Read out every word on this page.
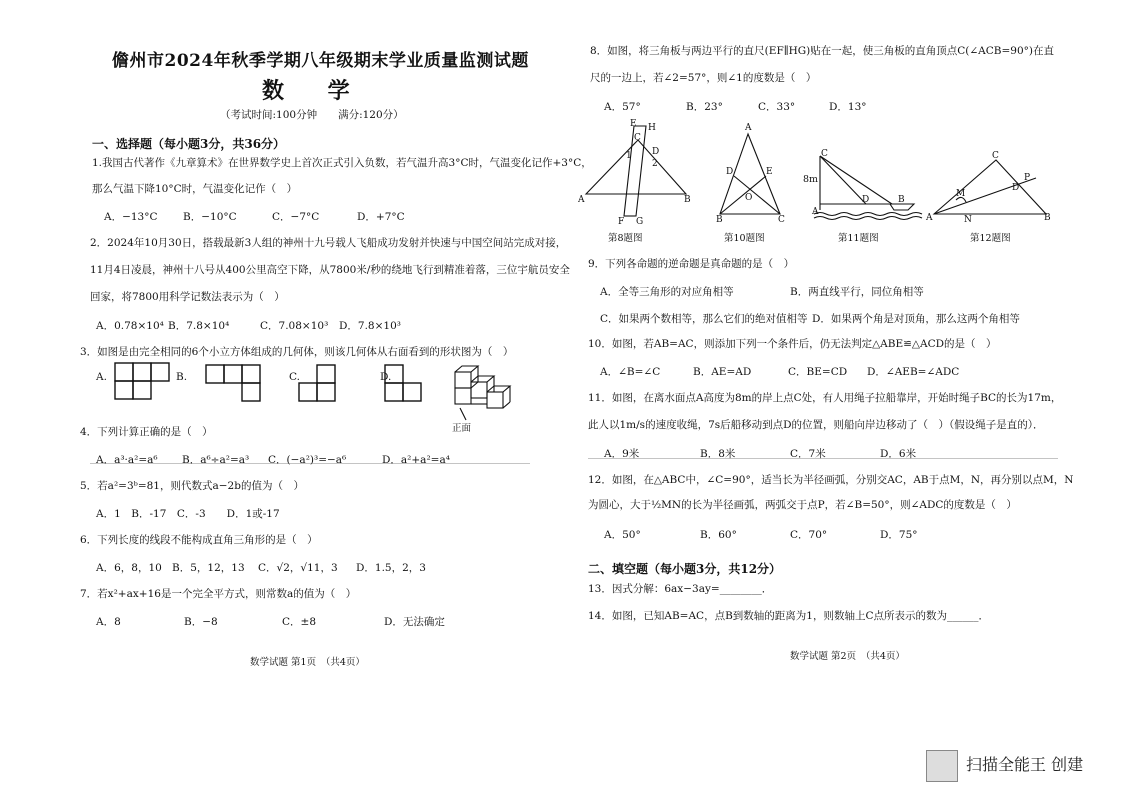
儋州市2024年秋季学期八年级期末学业质量监测试题
数 学
（考试时间:100分钟　　满分:120分）
一、选择题（每小题3分，共36分）
1.我国古代著作《九章算术》在世界数学史上首次正式引入负数，若气温升高3°C时，气温变化记作+3°C，
那么气温下降10°C时，气温变化记作（　）
A．−13°C B．−10°C	C．−7°C	D．+7°C
2．2024年10月30日，搭载最新3人组的神州十九号载人飞船成功发射并快速与中国空间站完成对接，
11月4日凌晨，神州十八号从400公里高空下降，从7800米/秒的绕地飞行到精准着落，三位宇航员安全
回家，将7800用科学记数法表示为（　）
A．0.78×10⁴ B．7.8×10⁴	C．7.08×10³ D．7.8×10³
3．如图是由完全相同的6个小立方体组成的几何体，则该几何体从右面看到的形状图为（　）
A.	B.	C.	D.
正面
4．下列计算正确的是（　）
A．a³·a²=a⁶ B．a⁶÷a²=a³ C．(−a²)³=−a⁶	D．a²+a²=a⁴
5．若a²=3ᵇ=81，则代数式a−2b的值为（　）
A．1　B．-17　C．-3　　D．1或-17
6．下列长度的线段不能构成直角三角形的是（　）
A．6，8，10 B．5，12，13 C．√2，√11，3 D．1.5，2，3
7．若x²+ax+16是一个完全平方式，则常数a的值为（　）
A．8	B．−8	C．±8	D．无法确定
数学试题 第1页　（共4页）
8．如图，将三角板与两边平行的直尺(EF∥HG)贴在一起，使三角板的直角顶点C(∠ACB=90°)在直
尺的一边上，若∠2=57°，则∠1的度数是（　）
A．57°	B．23°	C．33°	D．13°
A	B
C
E H
D
2
1
F G
A
B	C
D	E
O
C
A
D	B
A	B
C
M
N
D
P
8m
第8题图	第10题图	第11题图	第12题图
9．下列各命题的逆命题是真命题的是（　）
A．全等三角形的对应角相等	B．两直线平行，同位角相等
C．如果两个数相等，那么它们的绝对值相等 D．如果两个角是对顶角，那么这两个角相等
10．如图，若AB=AC，则添加下列一个条件后，仍无法判定△ABE≌△ACD的是（　）
A．∠B=∠C	B．AE=AD	C．BE=CD D．∠AEB=∠ADC
11．如图，在离水面点A高度为8m的岸上点C处，有人用绳子拉船靠岸，开始时绳子BC的长为17m，
此人以1m/s的速度收绳，7s后船移动到点D的位置，则船向岸边移动了（　）（假设绳子是直的）．
A．9米	B．8米	C．7米	D．6米
12．如图，在△ABC中，∠C=90°，适当长为半径画弧，分别交AC，AB于点M，N，再分别以点M，N
为圆心，大于½MN的长为半径画弧，两弧交于点P，若∠B=50°，则∠ADC的度数是（　）
A．50°	B．60°	C．70°	D．75°
二、填空题（每小题3分，共12分）
13．因式分解：6ax−3ay=________．
14．如图，已知AB=AC，点B到数轴的距离为1，则数轴上C点所表示的数为______．
数学试题 第2页　（共4页）
扫描全能王 创建
